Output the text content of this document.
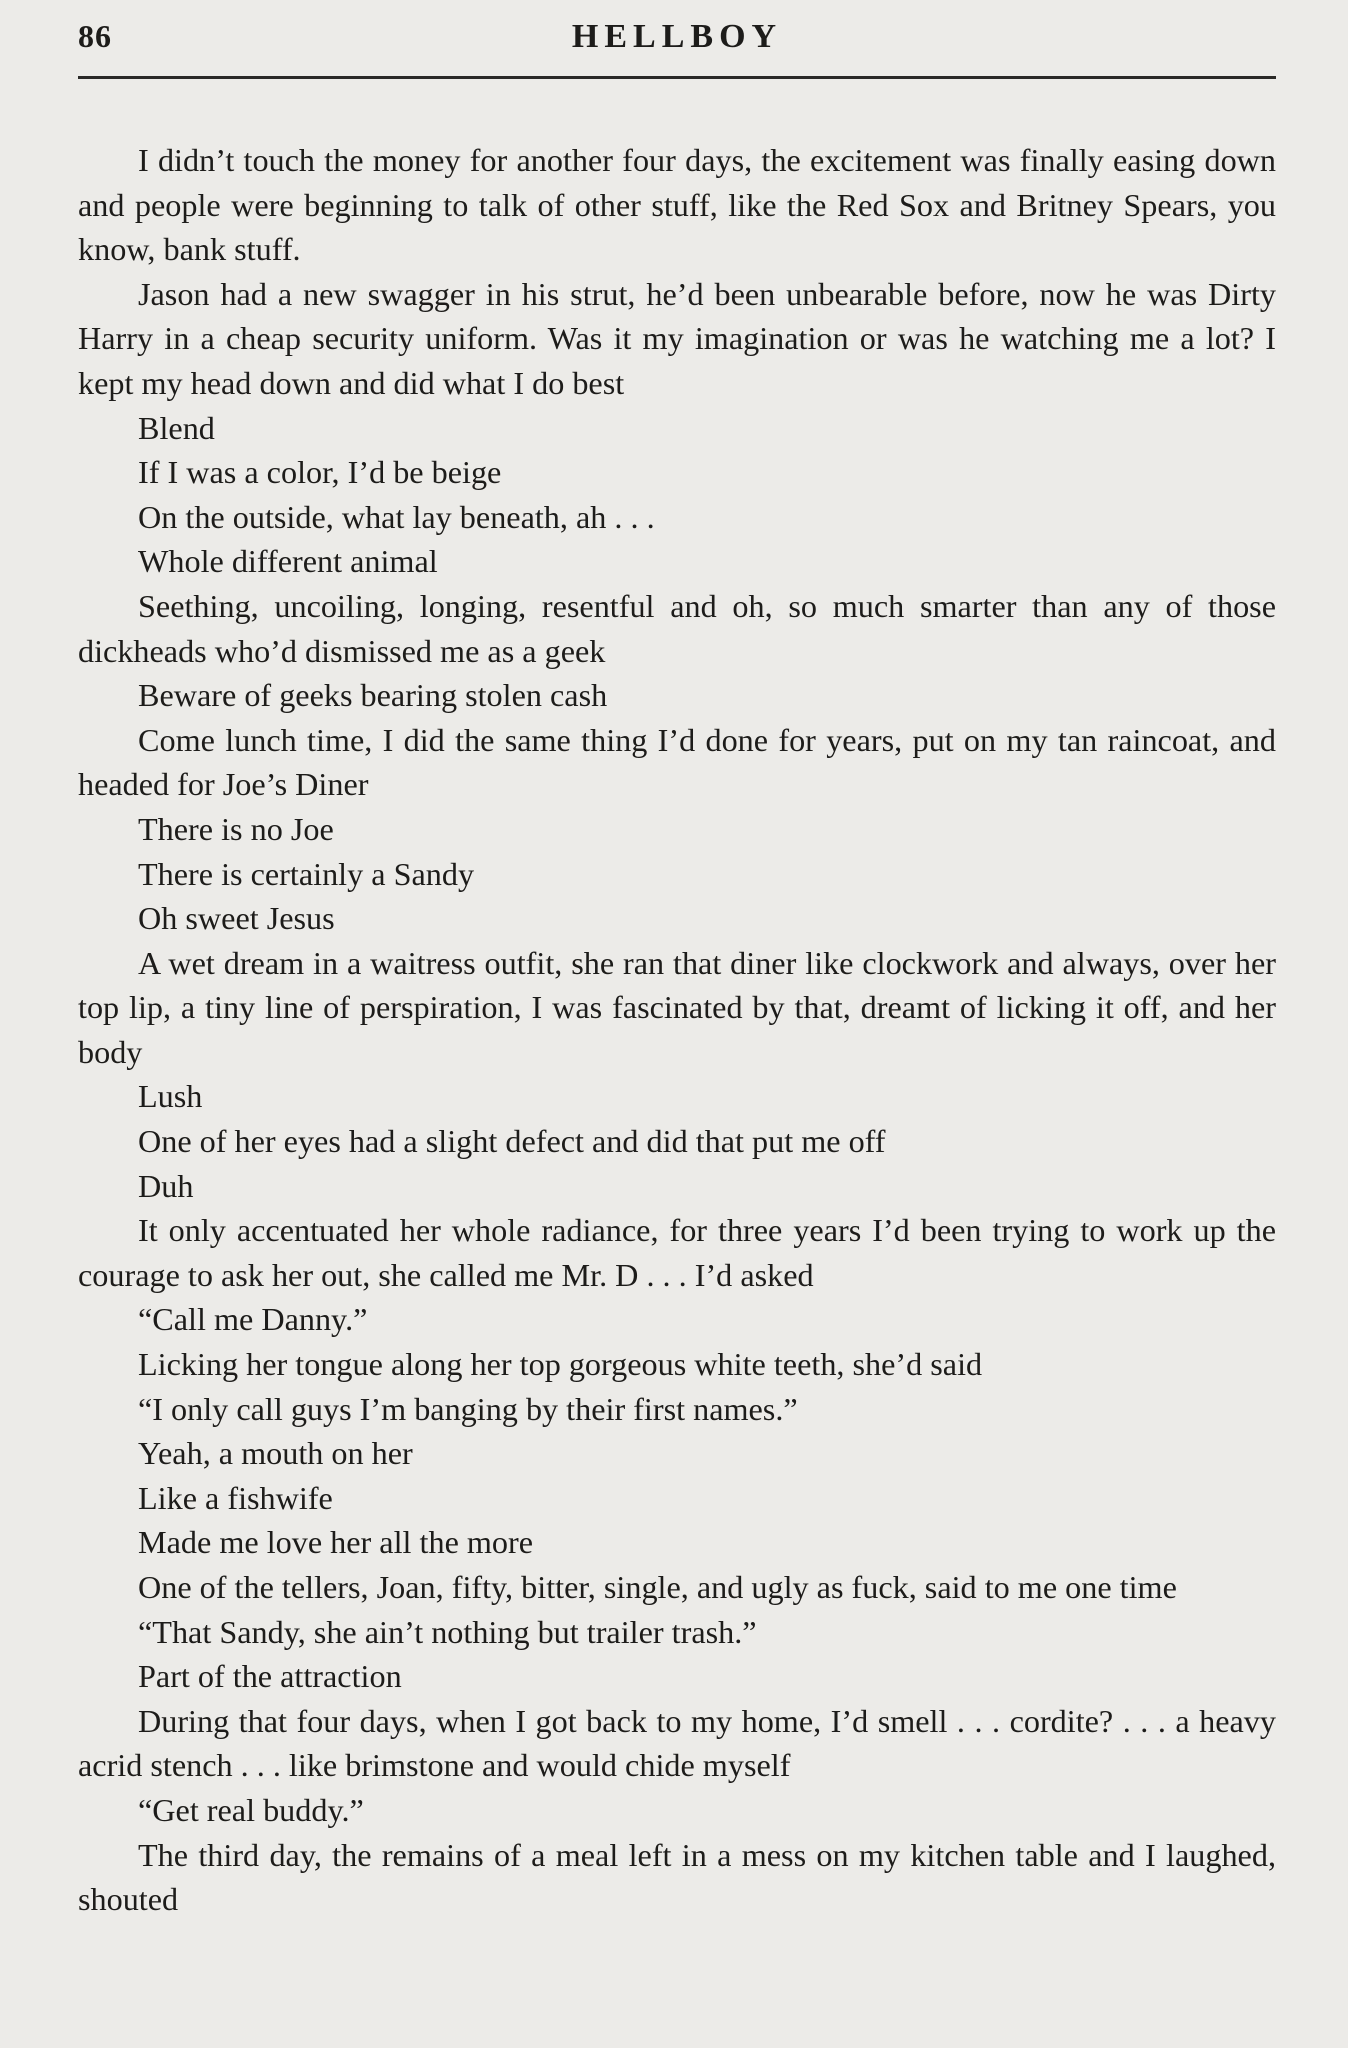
86	HELLBOY

I didn’t touch the money for another four days, the excitement was finally easing down and people were beginning to talk of other stuff, like the Red Sox and Britney Spears, you know, bank stuff.

Jason had a new swagger in his strut, he’d been unbearable before, now he was Dirty Harry in a cheap security uniform. Was it my imagination or was he watching me a lot? I kept my head down and did what I do best

Blend

If I was a color, I’d be beige

On the outside, what lay beneath, ah . . .

Whole different animal

Seething, uncoiling, longing, resentful and oh, so much smarter than any of those dickheads who’d dismissed me as a geek

Beware of geeks bearing stolen cash

Come lunch time, I did the same thing I’d done for years, put on my tan raincoat, and headed for Joe’s Diner

There is no Joe

There is certainly a Sandy

Oh sweet Jesus

A wet dream in a waitress outfit, she ran that diner like clockwork and always, over her top lip, a tiny line of perspiration, I was fascinated by that, dreamt of licking it off, and her body

Lush

One of her eyes had a slight defect and did that put me off

Duh

It only accentuated her whole radiance, for three years I’d been trying to work up the courage to ask her out, she called me Mr. D . . . I’d asked

“Call me Danny.”

Licking her tongue along her top gorgeous white teeth, she’d said

“I only call guys I’m banging by their first names.”

Yeah, a mouth on her

Like a fishwife

Made me love her all the more

One of the tellers, Joan, fifty, bitter, single, and ugly as fuck, said to me one time

“That Sandy, she ain’t nothing but trailer trash.”

Part of the attraction

During that four days, when I got back to my home, I’d smell . . . cordite? . . . a heavy acrid stench . . . like brimstone and would chide myself

“Get real buddy.”

The third day, the remains of a meal left in a mess on my kitchen table and I laughed, shouted
